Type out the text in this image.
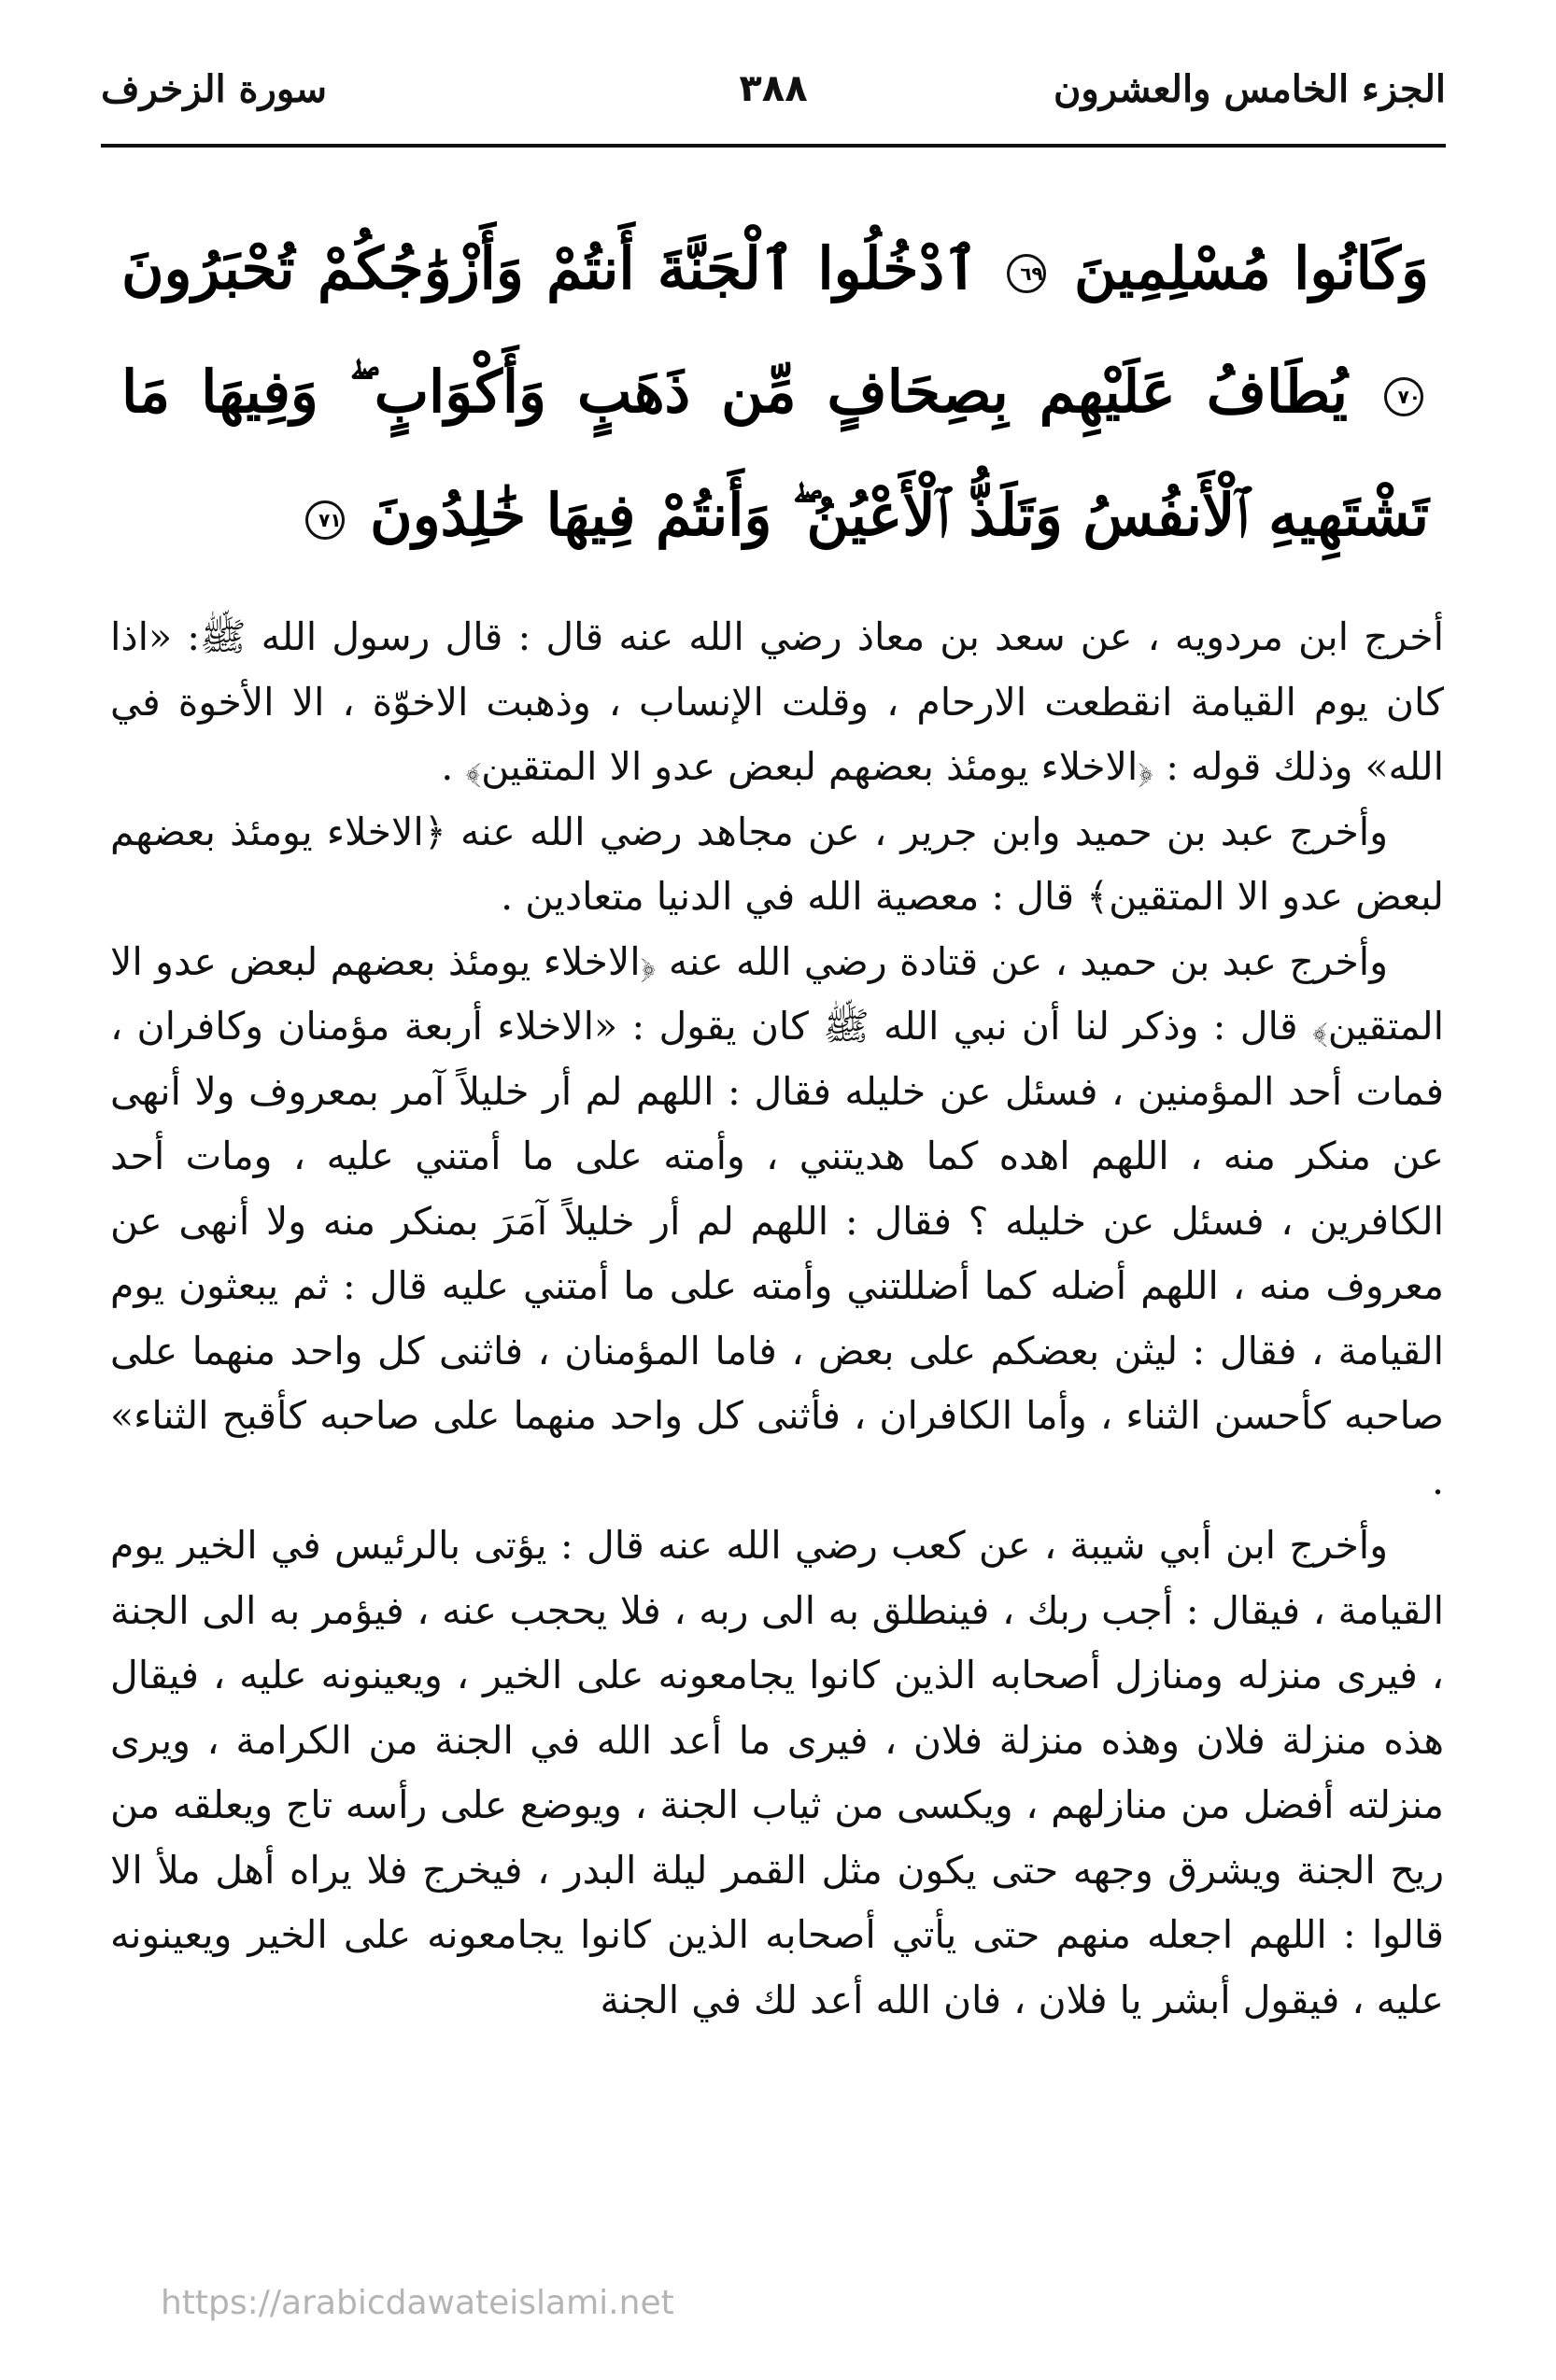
الجزء الخامس والعشرون
٣٨٨
سورة الزخرف
وَكَانُوا مُسْلِمِينَ ٦٩ ٱدْخُلُوا ٱلْجَنَّةَ أَنتُمْ وَأَزْوَٰجُكُمْ تُحْبَرُونَ ٧٠ يُطَافُ عَلَيْهِم بِصِحَافٍ مِّن ذَهَبٍ وَأَكْوَابٍ ۖ وَفِيهَا مَا تَشْتَهِيهِ ٱلْأَنفُسُ وَتَلَذُّ ٱلْأَعْيُنُ ۖ وَأَنتُمْ فِيهَا خَٰلِدُونَ ٧١

أخرج ابن مردويه ، عن سعد بن معاذ رضي الله عنه قال : قال رسول الله ﷺ: «اذا كان يوم القيامة انقطعت الارحام ، وقلت الإنساب ، وذهبت الاخوّة ، الا الأخوة في الله» وذلك قوله : ﴿الاخلاء يومئذ بعضهم لبعض عدو الا المتقين﴾ .

وأخرج عبد بن حميد وابن جرير ، عن مجاهد رضي الله عنه ﴿الاخلاء يومئذ بعضهم لبعض عدو الا المتقين﴾ قال : معصية الله في الدنيا متعادين .

وأخرج عبد بن حميد ، عن قتادة رضي الله عنه ﴿الاخلاء يومئذ بعضهم لبعض عدو الا المتقين﴾ قال : وذكر لنا أن نبي الله ﷺ كان يقول : «الاخلاء أربعة مؤمنان وكافران ، فمات أحد المؤمنين ، فسئل عن خليله فقال : اللهم لم أر خليلاً آمر بمعروف ولا أنهى عن منكر منه ، اللهم اهده كما هديتني ، وأمته على ما أمتني عليه ، ومات أحد الكافرين ، فسئل عن خليله ؟ فقال : اللهم لم أر خليلاً آمَرَ بمنكر منه ولا أنهى عن معروف منه ، اللهم أضله كما أضللتني وأمته على ما أمتني عليه قال : ثم يبعثون يوم القيامة ، فقال : ليثن بعضكم على بعض ، فاما المؤمنان ، فاثنى كل واحد منهما على صاحبه كأحسن الثناء ، وأما الكافران ، فأثنى كل واحد منهما على صاحبه كأقبح الثناء» .

وأخرج ابن أبي شيبة ، عن كعب رضي الله عنه قال : يؤتى بالرئيس في الخير يوم القيامة ، فيقال : أجب ربك ، فينطلق به الى ربه ، فلا يحجب عنه ، فيؤمر به الى الجنة ، فيرى منزله ومنازل أصحابه الذين كانوا يجامعونه على الخير ، ويعينونه عليه ، فيقال هذه منزلة فلان وهذه منزلة فلان ، فيرى ما أعد الله في الجنة من الكرامة ، ويرى منزلته أفضل من منازلهم ، ويكسى من ثياب الجنة ، ويوضع على رأسه تاج ويعلقه من ريح الجنة ويشرق وجهه حتى يكون مثل القمر ليلة البدر ، فيخرج فلا يراه أهل ملأ الا قالوا : اللهم اجعله منهم حتى يأتي أصحابه الذين كانوا يجامعونه على الخير ويعينونه عليه ، فيقول أبشر يا فلان ، فان الله أعد لك في الجنة

https://arabicdawateislami.net
